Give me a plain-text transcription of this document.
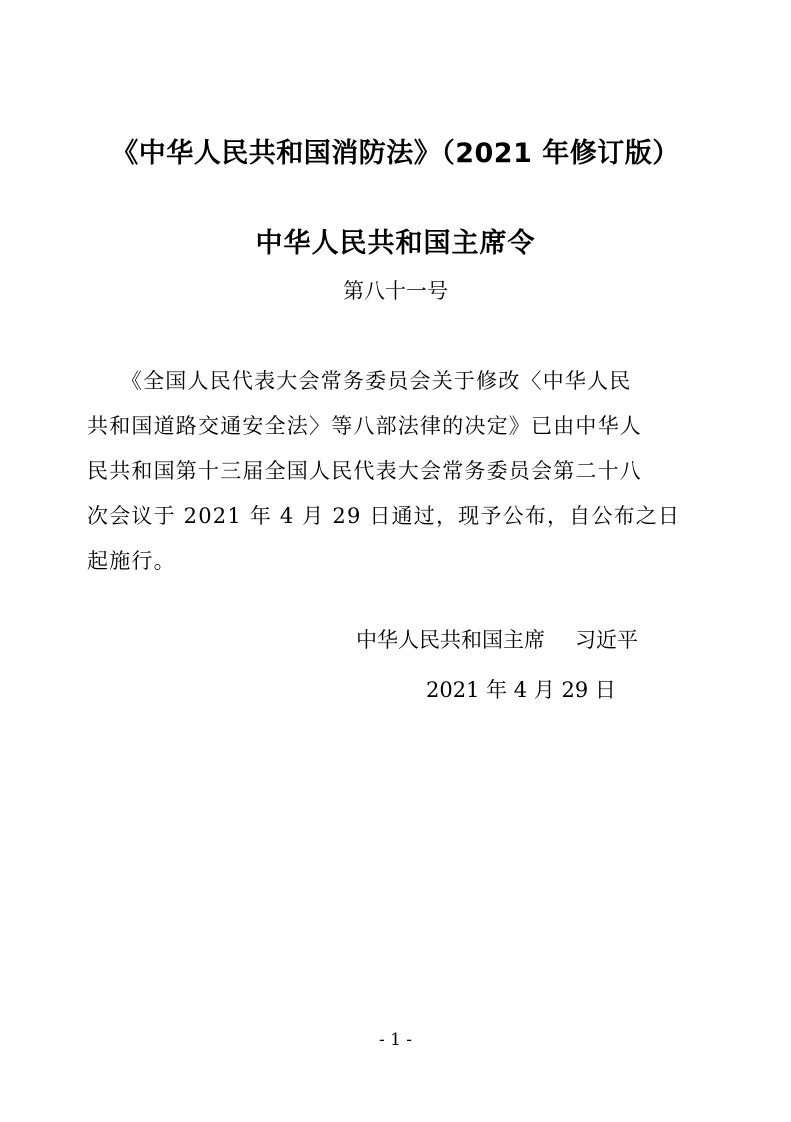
《中华人民共和国消防法》（2021 年修订版）
中华人民共和国主席令
第八十一号
　　《全国人民代表大会常务委员会关于修改〈中华人民
共和国道路交通安全法〉等八部法律的决定》已由中华人
民共和国第十三届全国人民代表大会常务委员会第二十八
次会议于 2021 年 4 月 29 日通过，现予公布，自公布之日
起施行。
中华人民共和国主席 习近平
2021 年 4 月 29 日
- 1 -
